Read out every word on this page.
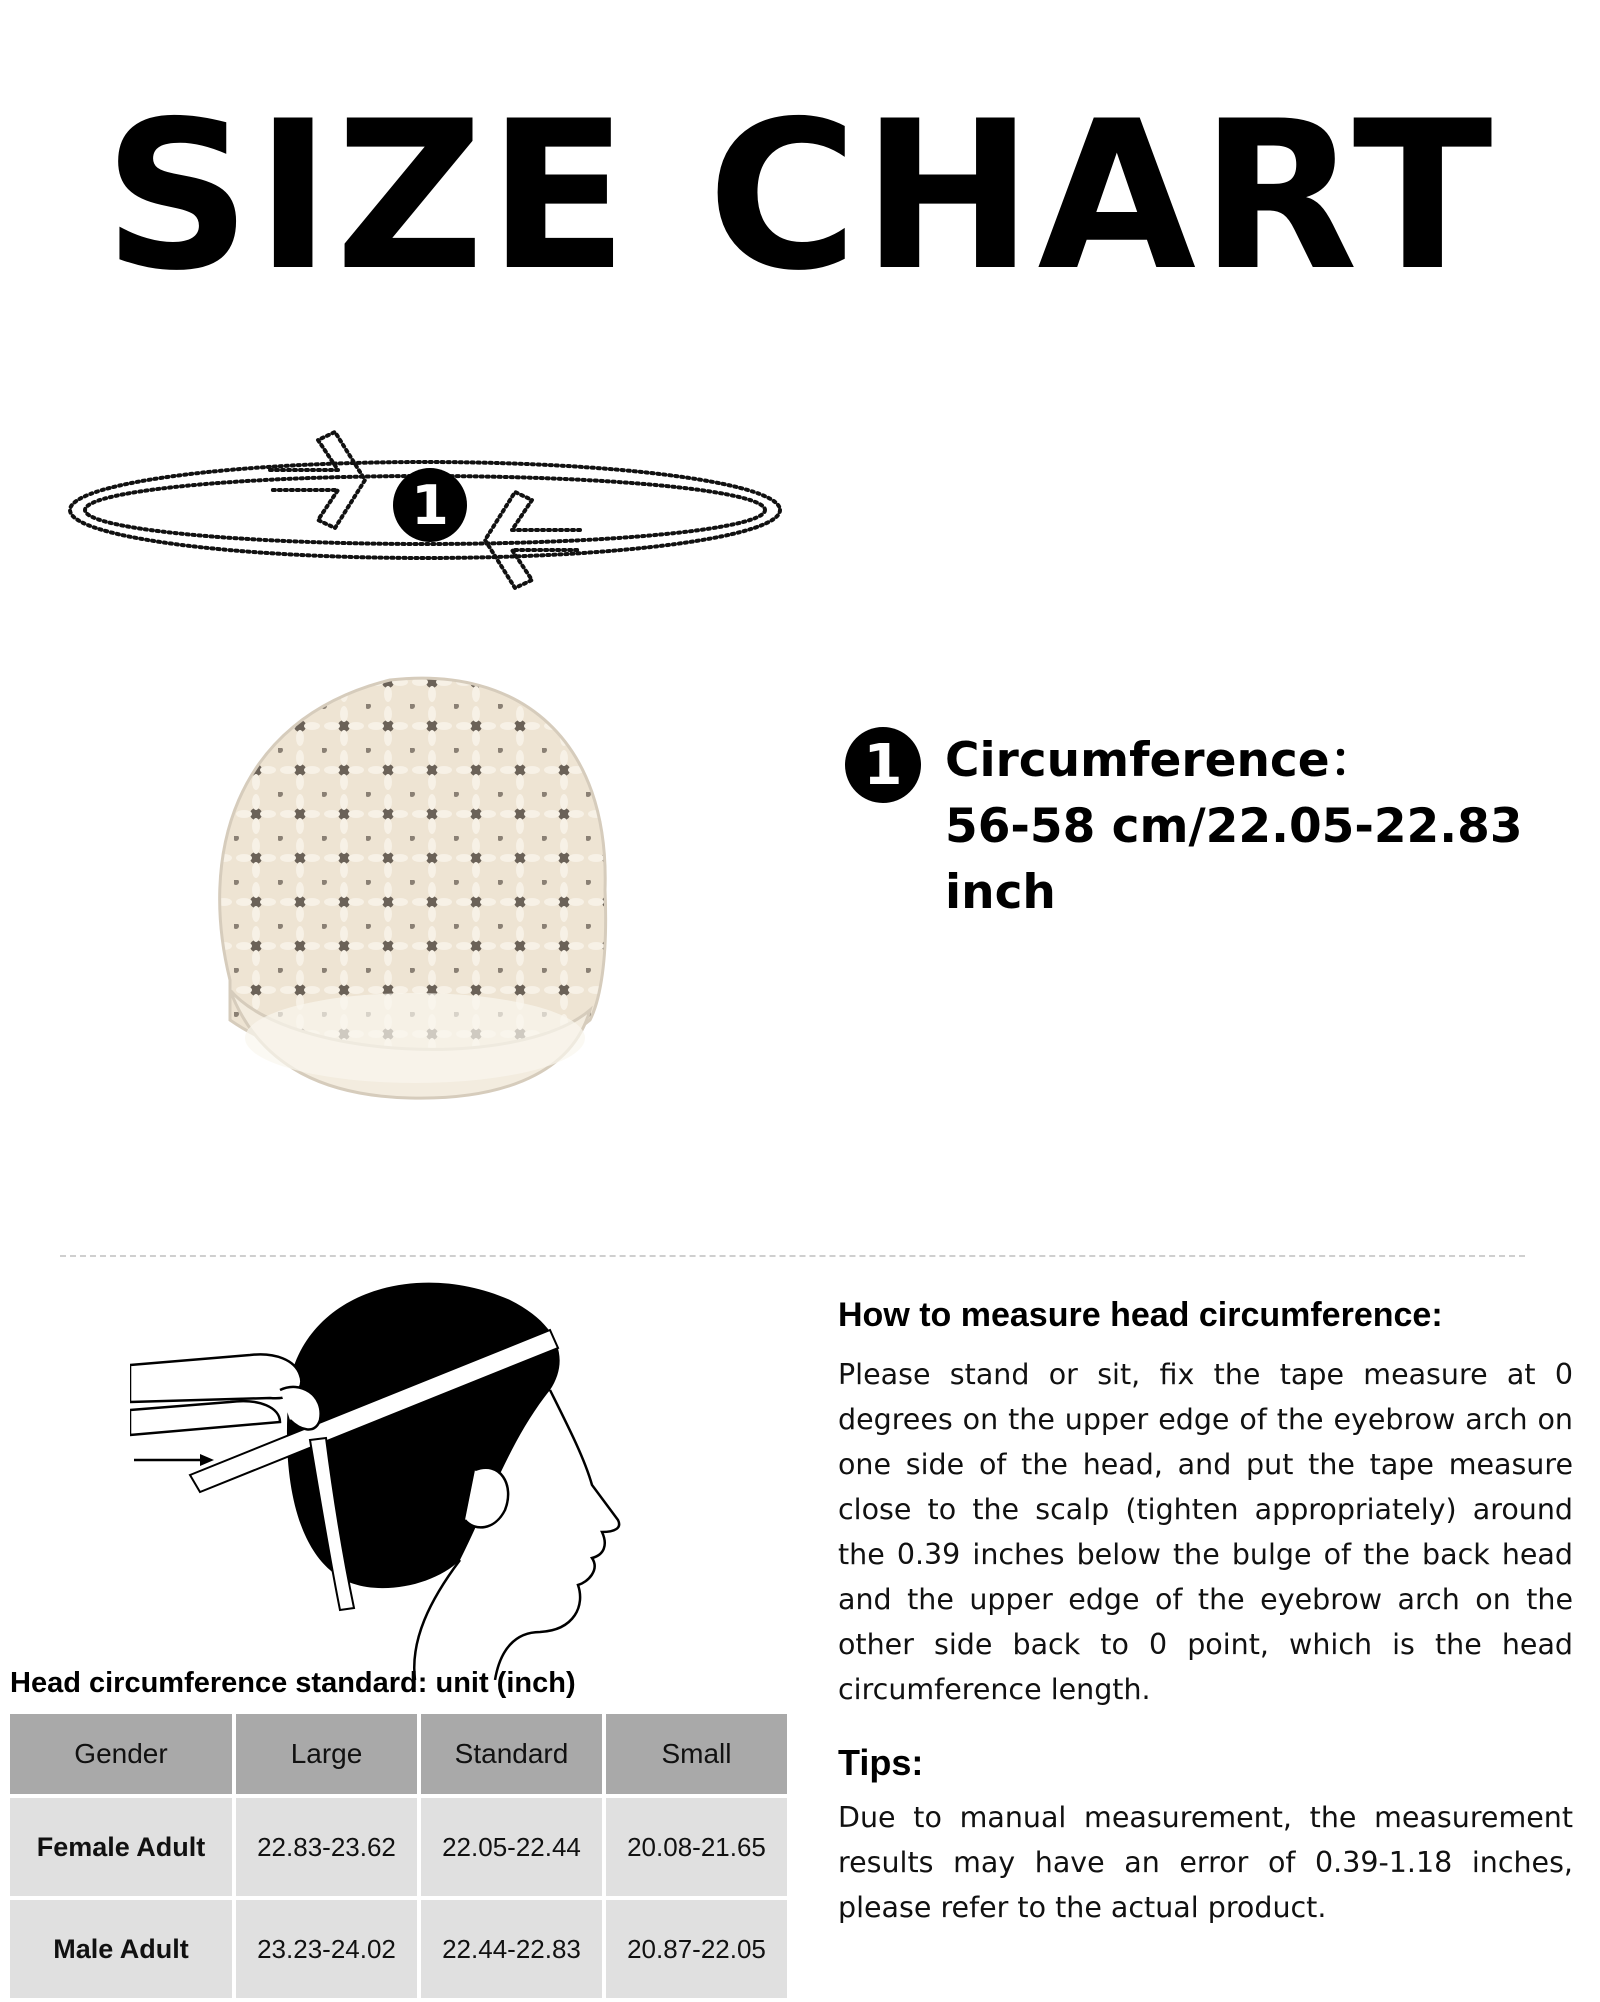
SIZE CHART
1
1 Circumference：
56-58 cm/22.05-22.83 inch
How to measure head circumference:
Please stand or sit, fix the tape measure at 0 degrees on the upper edge of the eyebrow arch on one side of the head, and put the tape measure close to the scalp (tighten appropriately) around the 0.39 inches below the bulge of the back head and the upper edge of the eyebrow arch on the other side back to 0 point, which is the head circumference length.
Tips:
Due to manual measurement, the measurement results may have an error of 0.39-1.18 inches, please refer to the actual product.
Head circumference standard: unit (inch)
Gender	Large	Standard	Small
Female Adult	22.83-23.62	22.05-22.44	20.08-21.65
Male Adult	23.23-24.02	22.44-22.83	20.87-22.05
